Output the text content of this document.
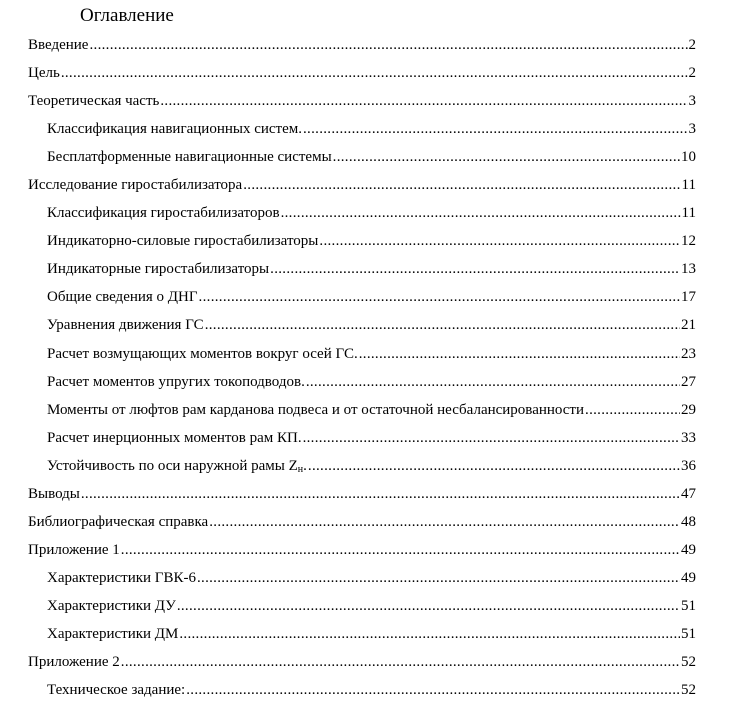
Оглавление
Введение .....	2
Цель .....	2
Теоретическая часть .....	3
Классификация навигационных систем. .....	3
Бесплатформенные навигационные системы .....	10
Исследование гиростабилизатора .....	11
Классификация гиростабилизаторов .....	11
Индикаторно-силовые гиростабилизаторы .....	12
Индикаторные гиростабилизаторы .....	13
Общие сведения о ДНГ .....	17
Уравнения движения ГС .....	21
Расчет возмущающих моментов вокруг осей ГС. .....	23
Расчет моментов упругих токоподводов. .....	27
Моменты от люфтов рам карданова подвеса и от остаточной несбалансированности .....	29
Расчет инерционных моментов рам КП. .....	33
Устойчивость по оси наружной рамы $Z_н$. .....	36
Выводы .....	47
Библиографическая справка .....	48
Приложение 1 .....	49
Характеристики ГВК-6 .....	49
Характеристики ДУ .....	51
Характеристики ДМ .....	51
Приложение 2 .....	52
Техническое задание: .....	52
